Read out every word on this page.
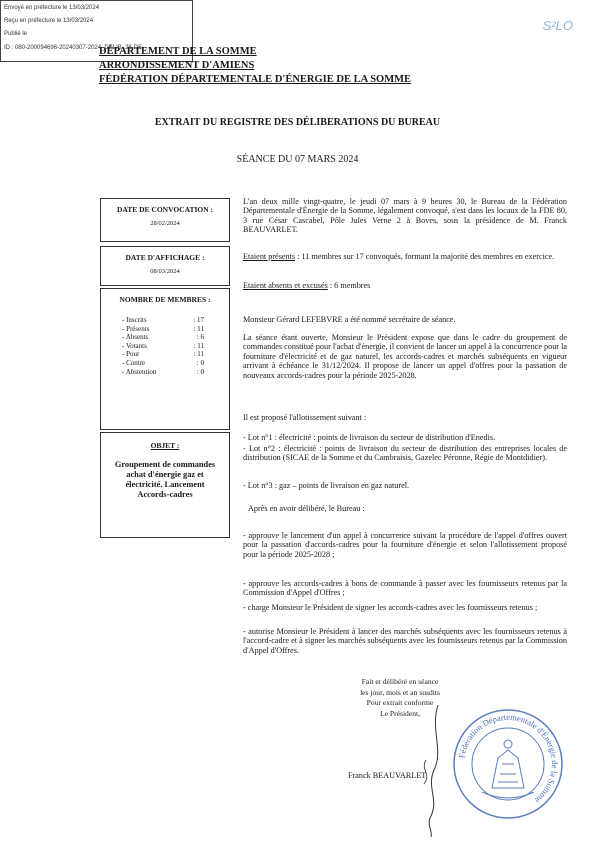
Envoyé en préfecture le 13/03/2024
Reçu en préfecture le 13/03/2024
Publié le
ID : 080-200094696-20240307-2024_DELIB_28-DE
S²LO
DÉPARTEMENT DE LA SOMME
ARRONDISSEMENT D'AMIENS
FÉDÉRATION DÉPARTEMENTALE D'ÉNERGIE DE LA SOMME
EXTRAIT DU REGISTRE DES DÉLIBERATIONS DU BUREAU
SÉANCE DU 07 MARS 2024
DATE DE CONVOCATION :
28/02/2024
DATE D'AFFICHAGE :
08/03/2024
NOMBRE DE MEMBRES :
- Inscrits	: 17
- Présents	: 11
- Absents	: 6
- Votants	: 11
- Pour	: 11
- Contre	: 0
- Abstention	: 0
OBJET :
Groupement de commandes achat d'énergie gaz et électricité. Lancement Accords-cadres
L'an deux mille vingt-quatre, le jeudi 07 mars à 9 heures 30, le Bureau de la Fédération Départementale d'Énergie de la Somme, légalement convoqué, s'est dans les locaux de la FDE 80, 3 rue César Cascabel, Pôle Jules Verne 2 à Boves, sous la présidence de M. Franck BEAUVARLET.
Etaient présents : 11 membres sur 17 convoqués, formant la majorité des membres en exercice.
Etaient absents et excusés : 6 membres
Monsieur Gérard LEFEBVRE a été nommé secrétaire de séance.
La séance étant ouverte, Monsieur le Président expose que dans le cadre du groupement de commandes constitué pour l'achat d'énergie, il convient de lancer un appel à la concurrence pour la fourniture d'électricité et de gaz naturel, les accords-cadres et marchés subséquents en vigueur arrivant à échéance le 31/12/2024. Il propose de lancer un appel d'offres pour la passation de nouveaux accords-cadres pour la période 2025-2028.
Il est proposé l'allotissement suivant :
- Lot n°1 : électricité : points de livraison du secteur de distribution d'Enedis.
- Lot n°2 : électricité : points de livraison du secteur de distribution des entreprises locales de distribution (SICAE de la Somme et du Cambraisis, Gazelec Péronne, Régie de Montdidier).
- Lot n°3 : gaz – points de livraison en gaz naturel.
Après en avoir délibéré, le Bureau :
- approuve le lancement d'un appel à concurrence suivant la procédure de l'appel d'offres ouvert pour la passation d'accords-cadres pour la fourniture d'énergie et selon l'allotissement proposé pour la période 2025-2028 ;
- approuve les accords-cadres à bons de commande à passer avec les fournisseurs retenus par la Commission d'Appel d'Offres ;
- charge Monsieur le Président de signer les accords-cadres avec les fournisseurs retenus ;
- autorise Monsieur le Président à lancer des marchés subséquents avec les fournisseurs retenus à l'accord-cadre et à signer les marchés subséquents avec les fournisseurs retenus par la Commission d'Appel d'Offres.
Fait et délibéré en séance
les jour, mois et an susdits
Pour extrait conforme
Le Président,
Franck BEAUVARLET
Fédération Départementale d'Énergie de la Somme
